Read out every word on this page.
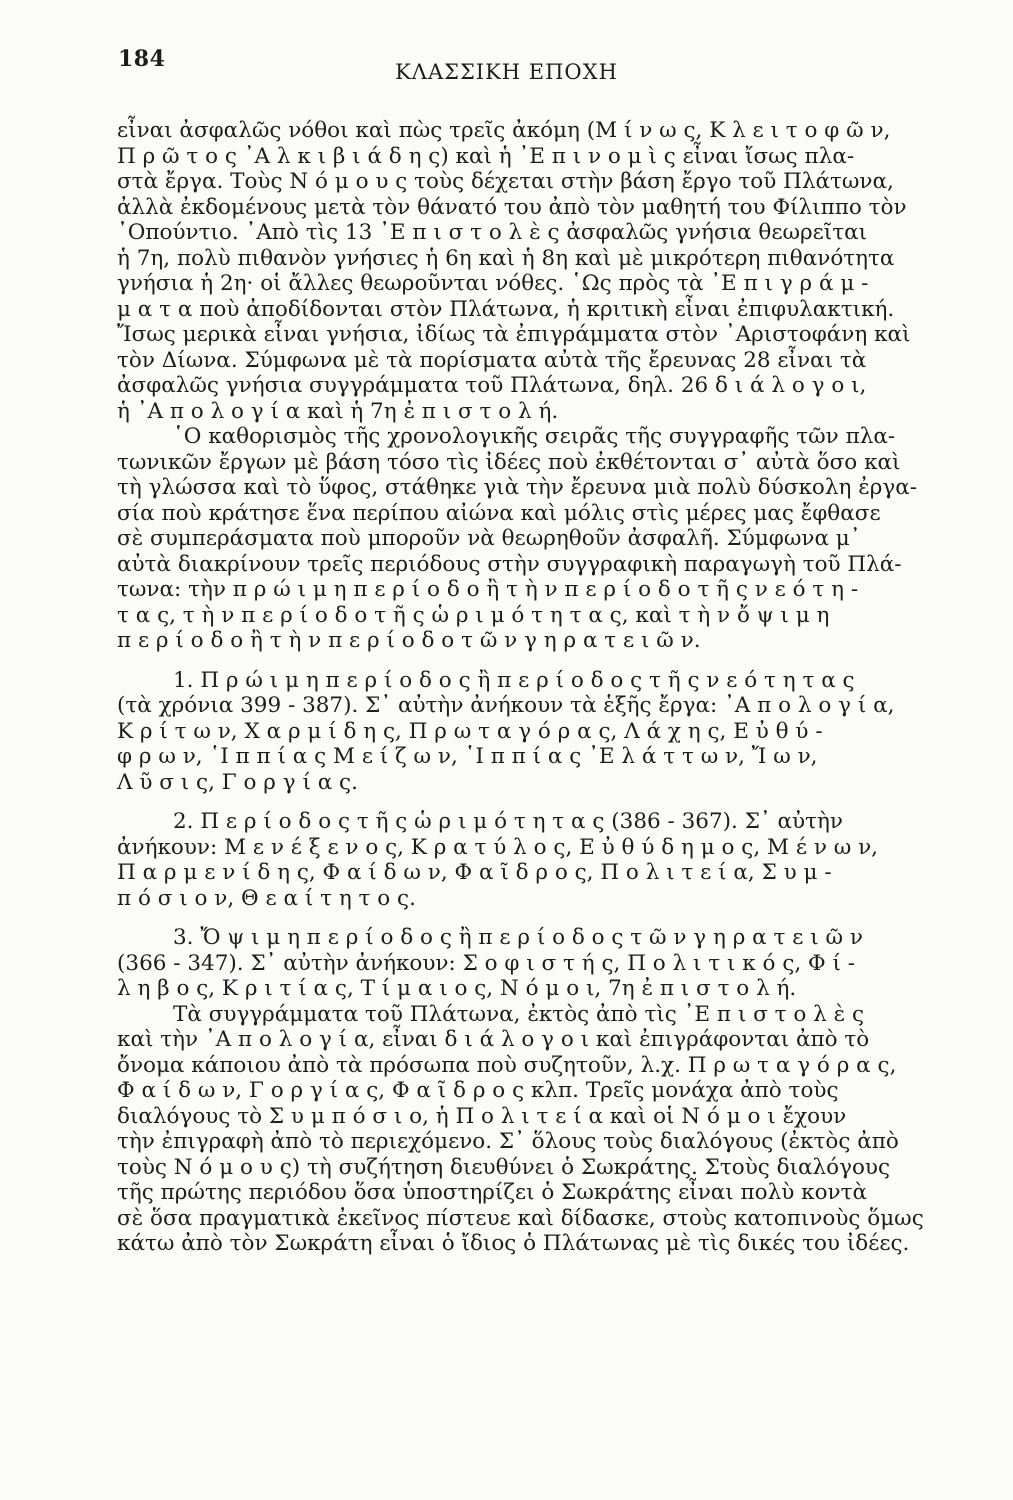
184	ΚΛΑΣΣΙΚΗ ΕΠΟΧΗ
εἶναι ἀσφαλῶς νόθοι καὶ πὼς τρεῖς ἀκόμη (Μ ί ν ω ς, Κ λ ε ι τ ο φ ῶ ν,
Π ρ ῶ τ ο ς ᾿Α λ κ ι β ι ά δ η ς) καὶ ἡ ᾿Ε π ι ν ο μ ὶ ς εἶναι ἴσως πλα-
στὰ ἔργα. Τοὺς Ν ό μ ο υ ς τοὺς δέχεται στὴν βάση ἔργο τοῦ Πλάτωνα,
ἀλλὰ ἐκδομένους μετὰ τὸν θάνατό του ἀπὸ τὸν μαθητή του Φίλιππο τὸν
᾿Οπούντιο. ᾿Απὸ τὶς 13 ᾿Ε π ι σ τ ο λ ὲ ς ἀσφαλῶς γνήσια θεωρεῖται
ἡ 7η, πολὺ πιθανὸν γνήσιες ἡ 6η καὶ ἡ 8η καὶ μὲ μικρότερη πιθανότητα
γνήσια ἡ 2η· οἱ ἄλλες θεωροῦνται νόθες. ῾Ως πρὸς τὰ ᾿Ε π ι γ ρ ά μ -
μ α τ α ποὺ ἀποδίδονται στὸν Πλάτωνα, ἡ κριτικὴ εἶναι ἐπιφυλακτική.
Ἴσως μερικὰ εἶναι γνήσια, ἰδίως τὰ ἐπιγράμματα στὸν ᾿Αριστοφάνη καὶ
τὸν Δίωνα. Σύμφωνα μὲ τὰ πορίσματα αὐτὰ τῆς ἔρευνας 28 εἶναι τὰ
ἀσφαλῶς γνήσια συγγράμματα τοῦ Πλάτωνα, δηλ. 26 δ ι ά λ ο γ ο ι,
ἡ ᾿Α π ο λ ο γ ί α καὶ ἡ 7η ἐ π ι σ τ ο λ ή.
῾Ο καθορισμὸς τῆς χρονολογικῆς σειρᾶς τῆς συγγραφῆς τῶν πλα-
τωνικῶν ἔργων μὲ βάση τόσο τὶς ἰδέες ποὺ ἐκθέτονται σ᾿ αὐτὰ ὅσο καὶ
τὴ γλώσσα καὶ τὸ ὕφος, στάθηκε γιὰ τὴν ἔρευνα μιὰ πολὺ δύσκολη ἐργα-
σία ποὺ κράτησε ἕνα περίπου αἰώνα καὶ μόλις στὶς μέρες μας ἔφθασε
σὲ συμπεράσματα ποὺ μποροῦν νὰ θεωρηθοῦν ἀσφαλῆ. Σύμφωνα μ᾿
αὐτὰ διακρίνουν τρεῖς περιόδους στὴν συγγραφικὴ παραγωγὴ τοῦ Πλά-
τωνα: τὴν π ρ ώ ι μ η π ε ρ ί ο δ ο ἢ τ ὴ ν π ε ρ ί ο δ ο τ ῆ ς ν ε ό τ η -
τ α ς, τ ὴ ν π ε ρ ί ο δ ο τ ῆ ς ὡ ρ ι μ ό τ η τ α ς, καὶ τ ὴ ν ὄ ψ ι μ η
π ε ρ ί ο δ ο ἢ τ ὴ ν π ε ρ ί ο δ ο τ ῶ ν γ η ρ α τ ε ι ῶ ν.
1. Π ρ ώ ι μ η π ε ρ ί ο δ ο ς ἢ π ε ρ ί ο δ ο ς τ ῆ ς ν ε ό τ η τ α ς
(τὰ χρόνια 399 - 387). Σ᾿ αὐτὴν ἀνήκουν τὰ ἑξῆς ἔργα: ᾿Α π ο λ ο γ ί α,
Κ ρ ί τ ω ν, Χ α ρ μ ί δ η ς, Π ρ ω τ α γ ό ρ α ς, Λ ά χ η ς, Ε ὐ θ ύ -
φ ρ ω ν, ῾Ι π π ί α ς Μ ε ί ζ ω ν, ῾Ι π π ί α ς ᾿Ε λ ά τ τ ω ν, Ἴ ω ν,
Λ ῦ σ ι ς, Γ ο ρ γ ί α ς.
2. Π ε ρ ί ο δ ο ς τ ῆ ς ὡ ρ ι μ ό τ η τ α ς (386 - 367). Σ᾿ αὐτὴν
ἀνήκουν: Μ ε ν έ ξ ε ν ο ς, Κ ρ α τ ύ λ ο ς, Ε ὐ θ ύ δ η μ ο ς, Μ έ ν ω ν,
Π α ρ μ ε ν ί δ η ς, Φ α ί δ ω ν, Φ α ῖ δ ρ ο ς, Π ο λ ι τ ε ί α, Σ υ μ -
π ό σ ι ο ν, Θ ε α ί τ η τ ο ς.
3. Ὄ ψ ι μ η π ε ρ ί ο δ ο ς ἢ π ε ρ ί ο δ ο ς τ ῶ ν γ η ρ α τ ε ι ῶ ν
(366 - 347). Σ᾿ αὐτὴν ἀνήκουν: Σ ο φ ι σ τ ή ς, Π ο λ ι τ ι κ ό ς, Φ ί -
λ η β ο ς, Κ ρ ι τ ί α ς, Τ ί μ α ι ο ς, Ν ό μ ο ι, 7η ἐ π ι σ τ ο λ ή.
Τὰ συγγράμματα τοῦ Πλάτωνα, ἐκτὸς ἀπὸ τὶς ᾿Ε π ι σ τ ο λ ὲ ς
καὶ τὴν ᾿Α π ο λ ο γ ί α, εἶναι δ ι ά λ ο γ ο ι καὶ ἐπιγράφονται ἀπὸ τὸ
ὄνομα κάποιου ἀπὸ τὰ πρόσωπα ποὺ συζητοῦν, λ.χ. Π ρ ω τ α γ ό ρ α ς,
Φ α ί δ ω ν, Γ ο ρ γ ί α ς, Φ α ῖ δ ρ ο ς κλπ. Τρεῖς μονάχα ἀπὸ τοὺς
διαλόγους τὸ Σ υ μ π ό σ ι ο, ἡ Π ο λ ι τ ε ί α καὶ οἱ Ν ό μ ο ι ἔχουν
τὴν ἐπιγραφὴ ἀπὸ τὸ περιεχόμενο. Σ᾿ ὅλους τοὺς διαλόγους (ἐκτὸς ἀπὸ
τοὺς Ν ό μ ο υ ς) τὴ συζήτηση διευθύνει ὁ Σωκράτης. Στοὺς διαλόγους
τῆς πρώτης περιόδου ὅσα ὑποστηρίζει ὁ Σωκράτης εἶναι πολὺ κοντὰ
σὲ ὅσα πραγματικὰ ἐκεῖνος πίστευε καὶ δίδασκε, στοὺς κατοπινοὺς ὅμως
κάτω ἀπὸ τὸν Σωκράτη εἶναι ὁ ἴδιος ὁ Πλάτωνας μὲ τὶς δικές του ἰδέες.
